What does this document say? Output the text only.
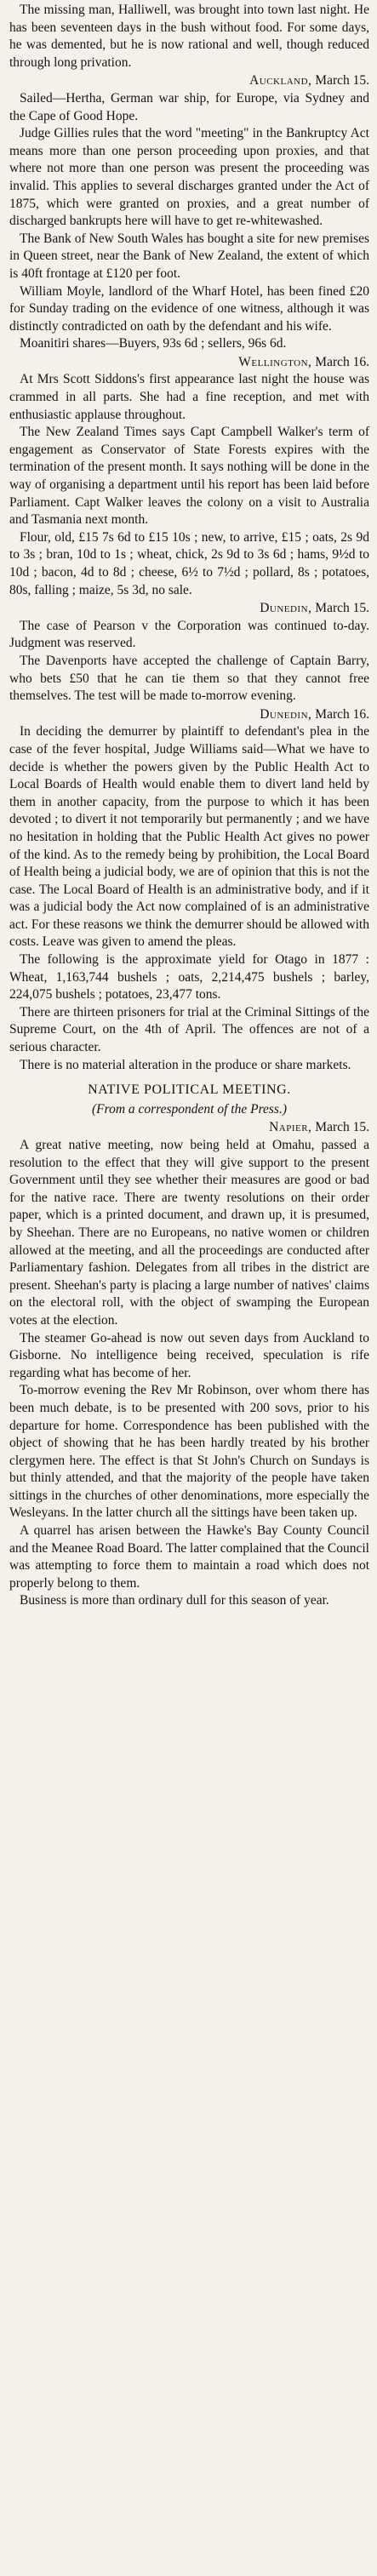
The missing man, Halliwell, was brought into town last night. He has been seventeen days in the bush without food. For some days, he was demented, but he is now rational and well, though reduced through long privation.

Auckland, March 15.

Sailed—Hertha, German war ship, for Europe, via Sydney and the Cape of Good Hope.

Judge Gillies rules that the word "meeting" in the Bankruptcy Act means more than one person proceeding upon proxies, and that where not more than one person was present the proceeding was invalid. This applies to several discharges granted under the Act of 1875, which were granted on proxies, and a great number of discharged bankrupts here will have to get re-whitewashed.

The Bank of New South Wales has bought a site for new premises in Queen street, near the Bank of New Zealand, the extent of which is 40ft frontage at £120 per foot.

William Moyle, landlord of the Wharf Hotel, has been fined £20 for Sunday trading on the evidence of one witness, although it was distinctly contradicted on oath by the defendant and his wife.

Moanitiri shares—Buyers, 93s 6d ; sellers, 96s 6d.

Wellington, March 16.

At Mrs Scott Siddons's first appearance last night the house was crammed in all parts. She had a fine reception, and met with enthusiastic applause throughout.

The New Zealand Times says Capt Campbell Walker's term of engagement as Conservator of State Forests expires with the termination of the present month. It says nothing will be done in the way of organising a department until his report has been laid before Parliament. Capt Walker leaves the colony on a visit to Australia and Tasmania next month.

Flour, old, £15 7s 6d to £15 10s ; new, to arrive, £15 ; oats, 2s 9d to 3s ; bran, 10d to 1s ; wheat, chick, 2s 9d to 3s 6d ; hams, 9½d to 10d ; bacon, 4d to 8d ; cheese, 6½ to 7½d ; pollard, 8s ; potatoes, 80s, falling ; maize, 5s 3d, no sale.

Dunedin, March 15.

The case of Pearson v the Corporation was continued to-day. Judgment was reserved.

The Davenports have accepted the challenge of Captain Barry, who bets £50 that he can tie them so that they cannot free themselves. The test will be made to-morrow evening.

Dunedin, March 16.

In deciding the demurrer by plaintiff to defendant's plea in the case of the fever hospital, Judge Williams said—What we have to decide is whether the powers given by the Public Health Act to Local Boards of Health would enable them to divert land held by them in another capacity, from the purpose to which it has been devoted ; to divert it not temporarily but permanently ; and we have no hesitation in holding that the Public Health Act gives no power of the kind. As to the remedy being by prohibition, the Local Board of Health being a judicial body, we are of opinion that this is not the case. The Local Board of Health is an administrative body, and if it was a judicial body the Act now complained of is an administrative act. For these reasons we think the demurrer should be allowed with costs. Leave was given to amend the pleas.

The following is the approximate yield for Otago in 1877 : Wheat, 1,163,744 bushels ; oats, 2,214,475 bushels ; barley, 224,075 bushels ; potatoes, 23,477 tons.

There are thirteen prisoners for trial at the Criminal Sittings of the Supreme Court, on the 4th of April. The offences are not of a serious character.

There is no material alteration in the produce or share markets.

NATIVE POLITICAL MEETING.

(From a correspondent of the Press.)

Napier, March 15.

A great native meeting, now being held at Omahu, passed a resolution to the effect that they will give support to the present Government until they see whether their measures are good or bad for the native race. There are twenty resolutions on their order paper, which is a printed document, and drawn up, it is presumed, by Sheehan. There are no Europeans, no native women or children allowed at the meeting, and all the proceedings are conducted after Parliamentary fashion. Delegates from all tribes in the district are present. Sheehan's party is placing a large number of natives' claims on the electoral roll, with the object of swamping the European votes at the election.

The steamer Go-ahead is now out seven days from Auckland to Gisborne. No intelligence being received, speculation is rife regarding what has become of her.

To-morrow evening the Rev Mr Robinson, over whom there has been much debate, is to be presented with 200 sovs, prior to his departure for home. Correspondence has been published with the object of showing that he has been hardly treated by his brother clergymen here. The effect is that St John's Church on Sundays is but thinly attended, and that the majority of the people have taken sittings in the churches of other denominations, more especially the Wesleyans. In the latter church all the sittings have been taken up.

A quarrel has arisen between the Hawke's Bay County Council and the Meanee Road Board. The latter complained that the Council was attempting to force them to maintain a road which does not properly belong to them.

Business is more than ordinary dull for this season of year.
